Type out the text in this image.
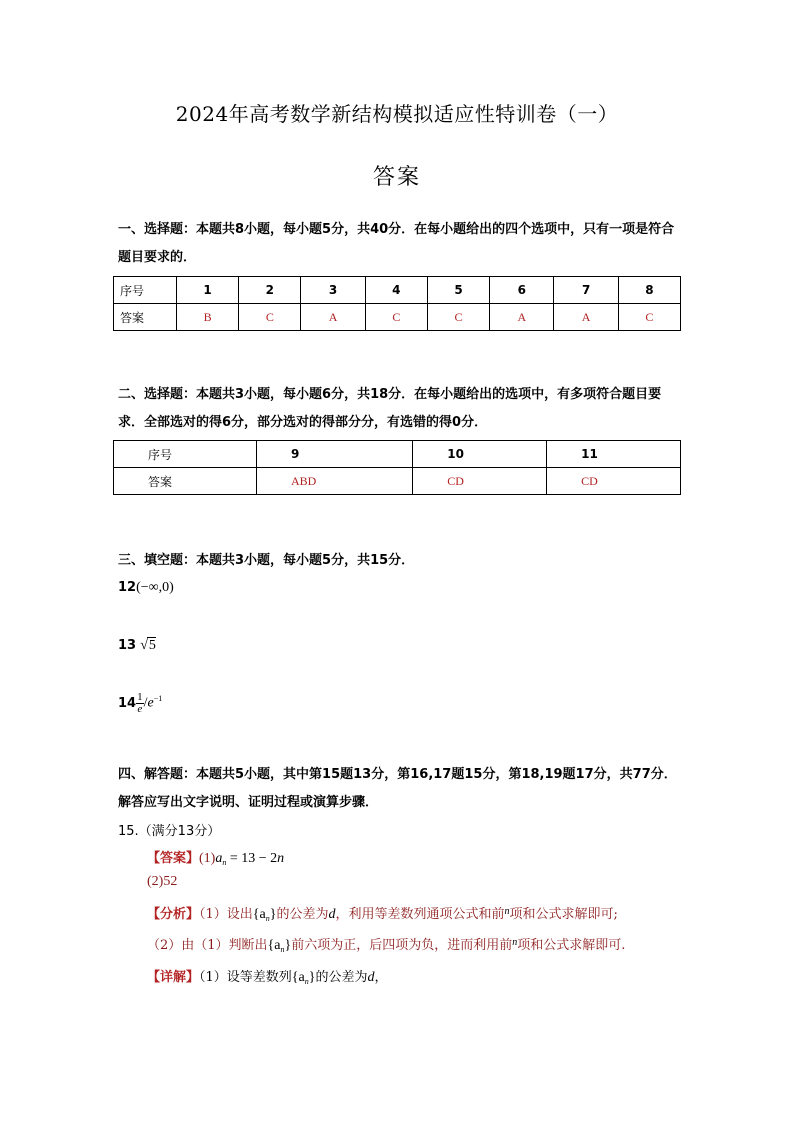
2024年高考数学新结构模拟适应性特训卷（一）
答案
一、选择题：本题共8小题，每小题5分，共40分．在每小题给出的四个选项中，只有一项是符合题目要求的．
序号	1	2	3	4	5	6	7	8
答案	B	C	A	C	C	A	A	C
二、选择题：本题共3小题，每小题6分，共18分．在每小题给出的选项中，有多项符合题目要求．全部选对的得6分，部分选对的得部分分，有选错的得0分．
序号	9	10	11
答案	ABD	CD	CD
三、填空题：本题共3小题，每小题5分，共15分．
12(−∞,0)
13 √5
$14 \frac{1}{e} /e^{-1}$
四、解答题：本题共5小题，其中第15题13分，第16,17题15分，第18,19题17分，共77分．解答应写出文字说明、证明过程或演算步骤．
15.（满分13分）
【答案】$(1)a_n = 13 - 2n$
(2)52
【分析】（1）设出$\{a_n\}$的公差为d，利用等差数列通项公式和前$^n$项和公式求解即可;
（2）由（1）判断出$\{a_n\}$前六项为正，后四项为负，进而利用前$^n$项和公式求解即可.
【详解】（1）设等差数列$\{a_n\}$的公差为d，
